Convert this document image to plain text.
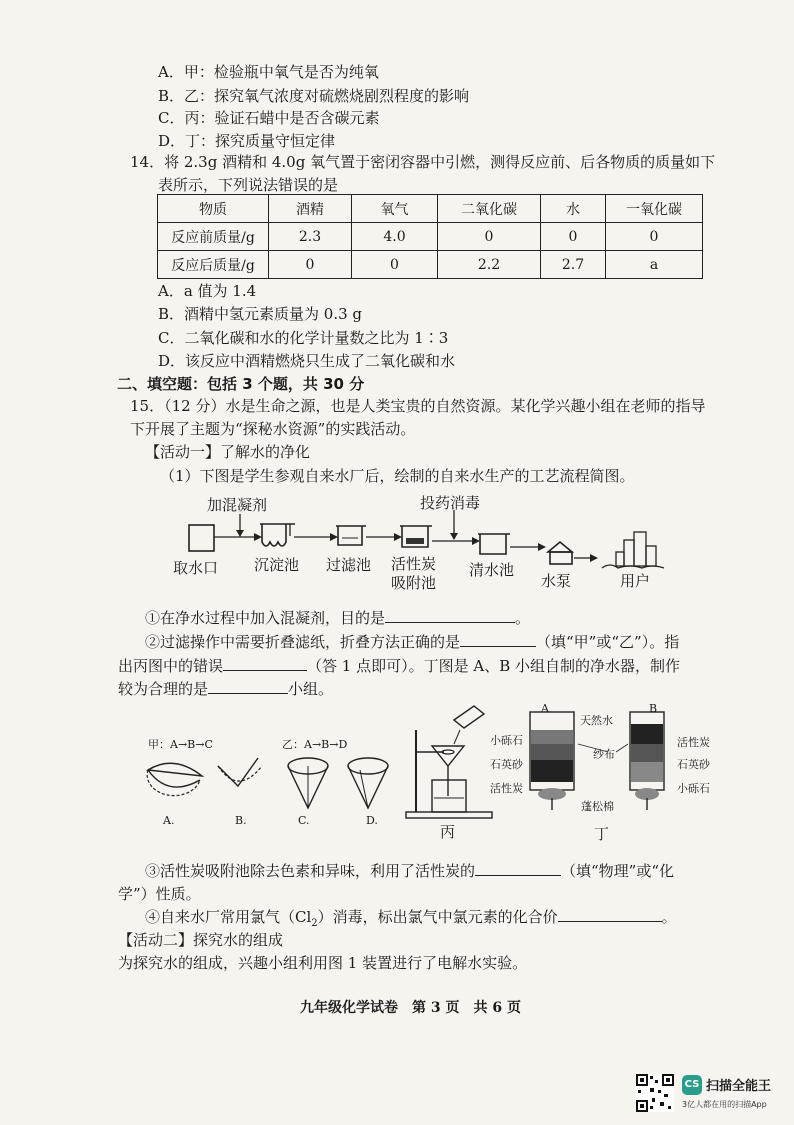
A．甲：检验瓶中氧气是否为纯氧
B．乙：探究氧气浓度对硫燃烧剧烈程度的影响
C．丙：验证石蜡中是否含碳元素
D．丁：探究质量守恒定律
14．将 2.3g 酒精和 4.0g 氧气置于密闭容器中引燃，测得反应前、后各物质的质量如下
表所示，下列说法错误的是
物质	酒精	氧气	二氧化碳	水	一氧化碳
反应前质量/g	2.3	4.0	0	0	0
反应后质量/g	0	0	2.2	2.7	a
A．a 值为 1.4
B．酒精中氢元素质量为 0.3 g
C．二氧化碳和水的化学计量数之比为 1∶3
D．该反应中酒精燃烧只生成了二氧化碳和水
二、填空题：包括 3 个题，共 30 分
15．（12 分）水是生命之源，也是人类宝贵的自然资源。某化学兴趣小组在老师的指导
下开展了主题为“探秘水资源”的实践活动。
【活动一】了解水的净化
（1）下图是学生参观自来水厂后，绘制的自来水生产的工艺流程简图。
加混凝剂	投药消毒
取水口 沉淀池 过滤池 活性炭
吸附池
清水池
水泵	用户
①在净水过程中加入混凝剂，目的是	。
②过滤操作中需要折叠滤纸，折叠方法正确的是	（填“甲”或“乙”）。指
出丙图中的错误	（答 1 点即可）。丁图是 A、B 小组自制的净水器，制作
较为合理的是	小组。
甲：A→B→C	乙：A→B→D
A.	B.	C.	D.
丙
A	B
天然水
小砾石
石英砂
活性炭
活性炭
石英砂
小砾石
纱布
蓬松棉
丁
③活性炭吸附池除去色素和异味，利用了活性炭的	（填“物理”或“化
学”）性质。
④自来水厂常用氯气$(Cl_2)$消毒，标出氯气中氯元素的化合价	。
【活动二】探究水的组成
为探究水的组成，兴趣小组利用图 1 装置进行了电解水实验。
九年级化学试卷　第 3 页　共 6 页
CS 扫描全能王
3亿人都在用的扫描App
